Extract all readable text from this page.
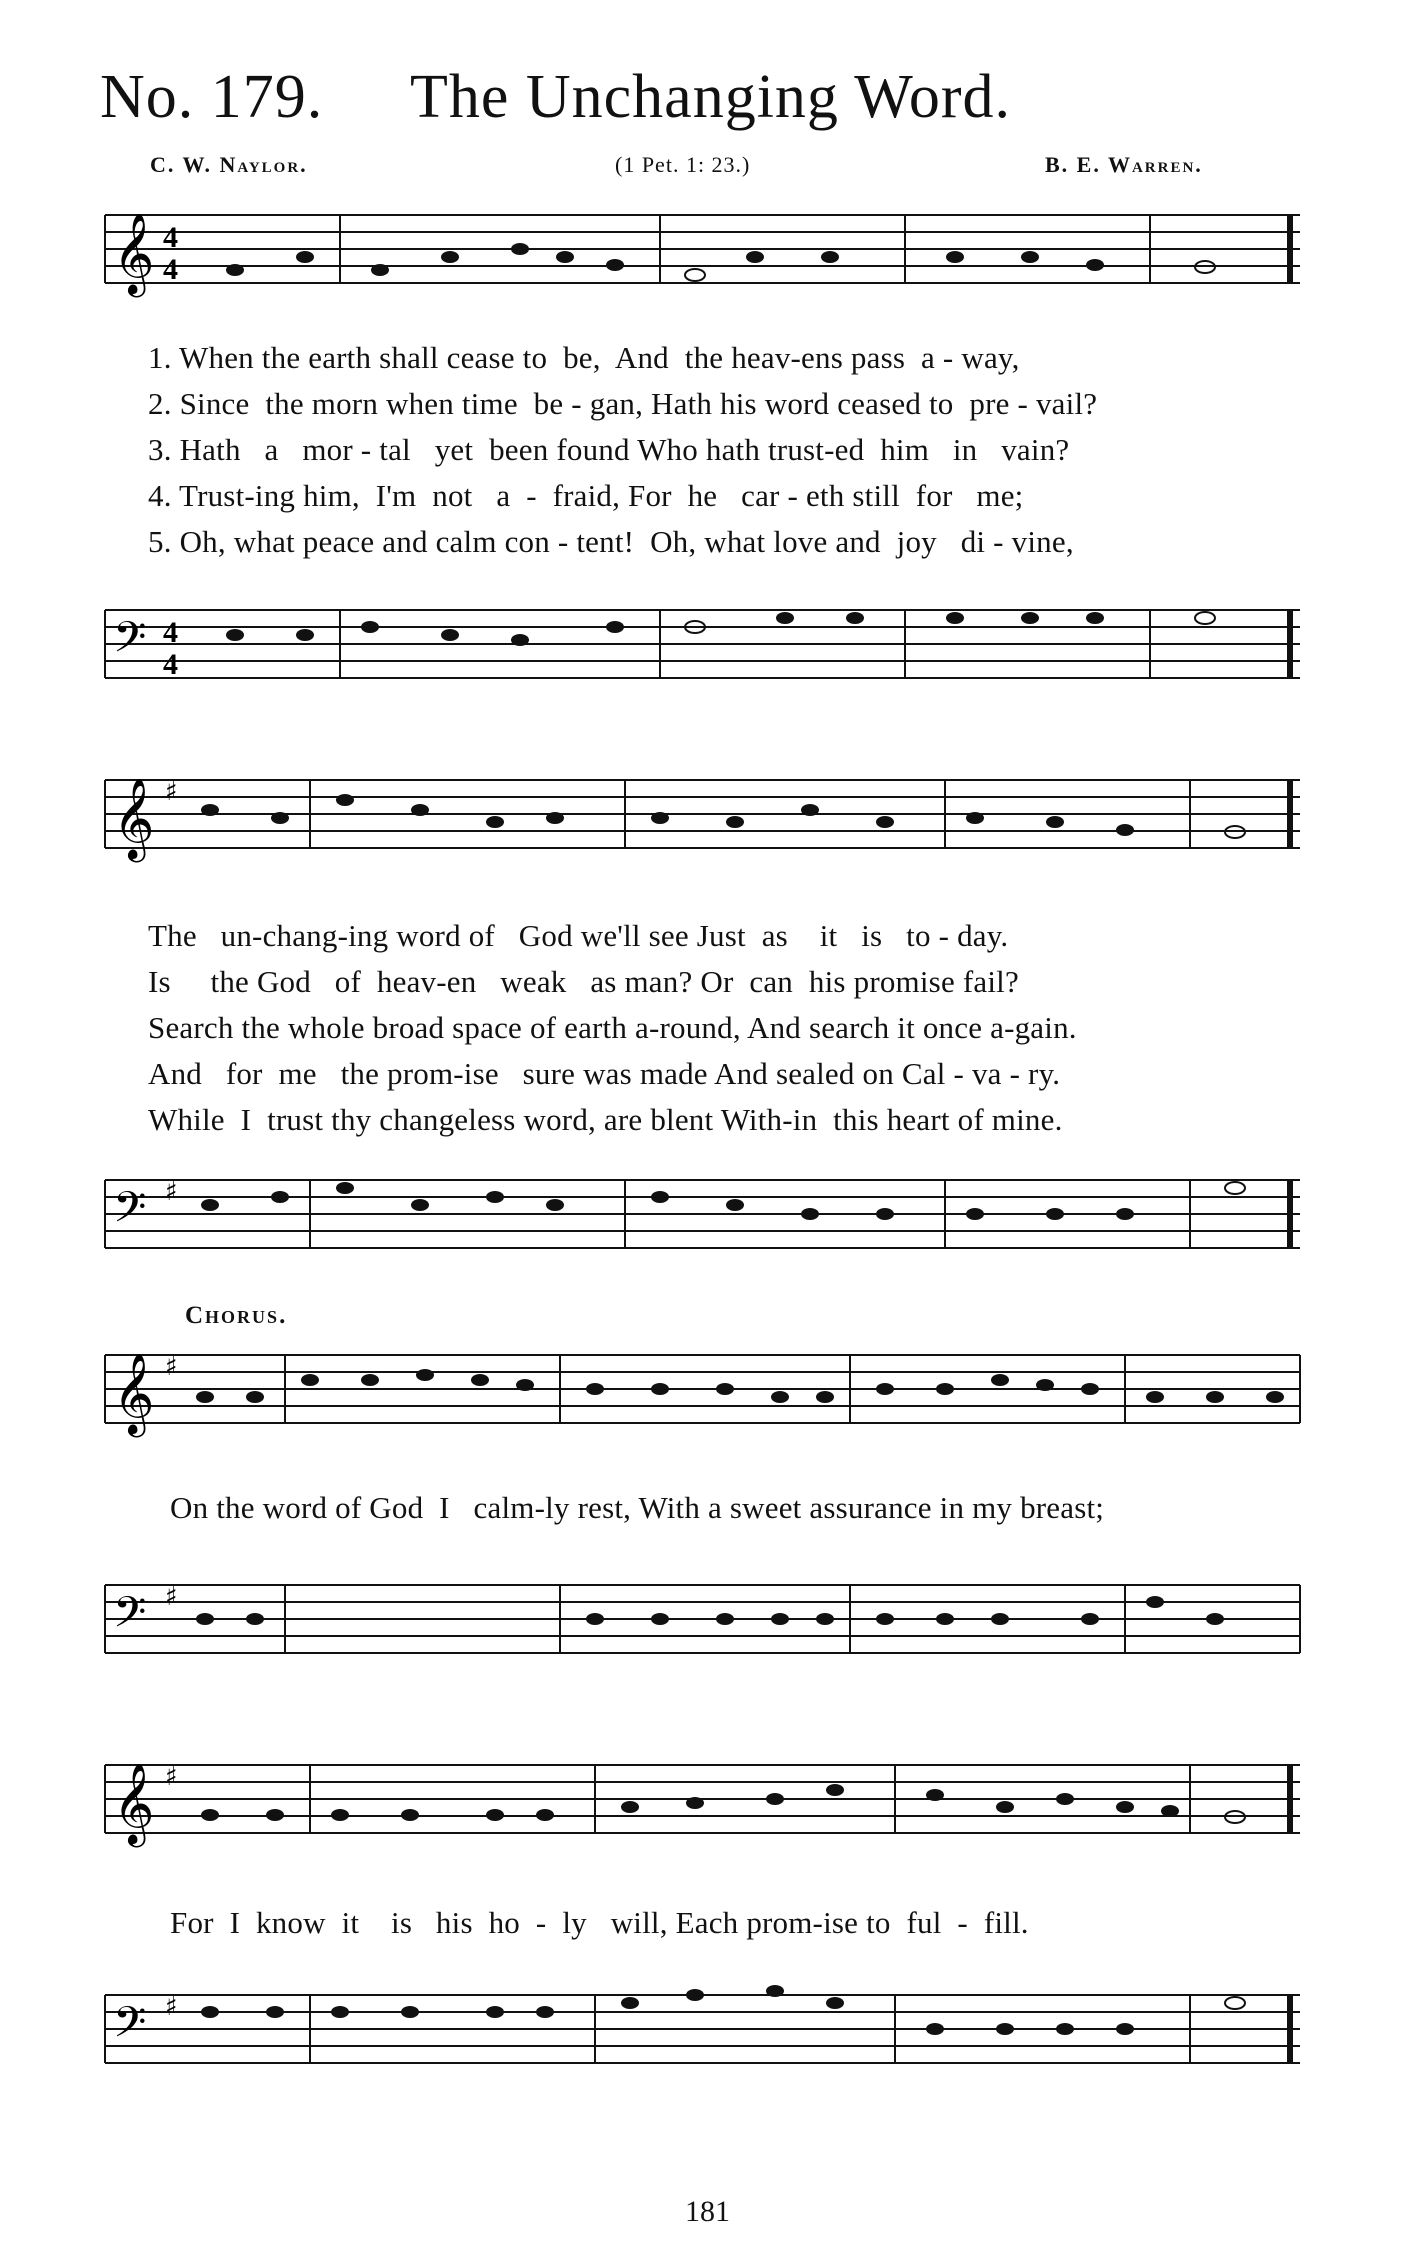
No. 179. The Unchanging Word.
C. W. Naylor.	(1 Pet. 1: 23.)	B. E. Warren.
𝄞 4
4
1. When the earth shall cease to  be,  And  the heav-ens pass  a - way,
2. Since  the morn when time  be - gan, Hath his word ceased to  pre - vail?
3. Hath   a   mor - tal   yet  been found Who hath trust-ed  him   in   vain?
4. Trust-ing him,  I'm  not   a  -  fraid, For  he   car - eth still  for   me;
5. Oh, what peace and calm con - tent!  Oh, what love and  joy   di - vine,
𝄢 4
4
𝄞 ♯
The   un-chang-ing word of   God we'll see Just  as    it   is   to - day.
Is     the God   of  heav-en   weak   as man? Or  can  his promise fail?
Search the whole broad space of earth a-round, And search it once a-gain.
And   for  me   the prom-ise   sure was made And sealed on Cal - va - ry.
While  I  trust thy changeless word, are blent With-in  this heart of mine.
𝄢 ♯
Chorus.
𝄞 ♯
On the word of God  I   calm-ly rest, With a sweet assurance in my breast;
𝄢 ♯
𝄞 ♯
For  I  know  it    is   his  ho  -  ly   will, Each prom-ise to  ful  -  fill.
𝄢 ♯
181
